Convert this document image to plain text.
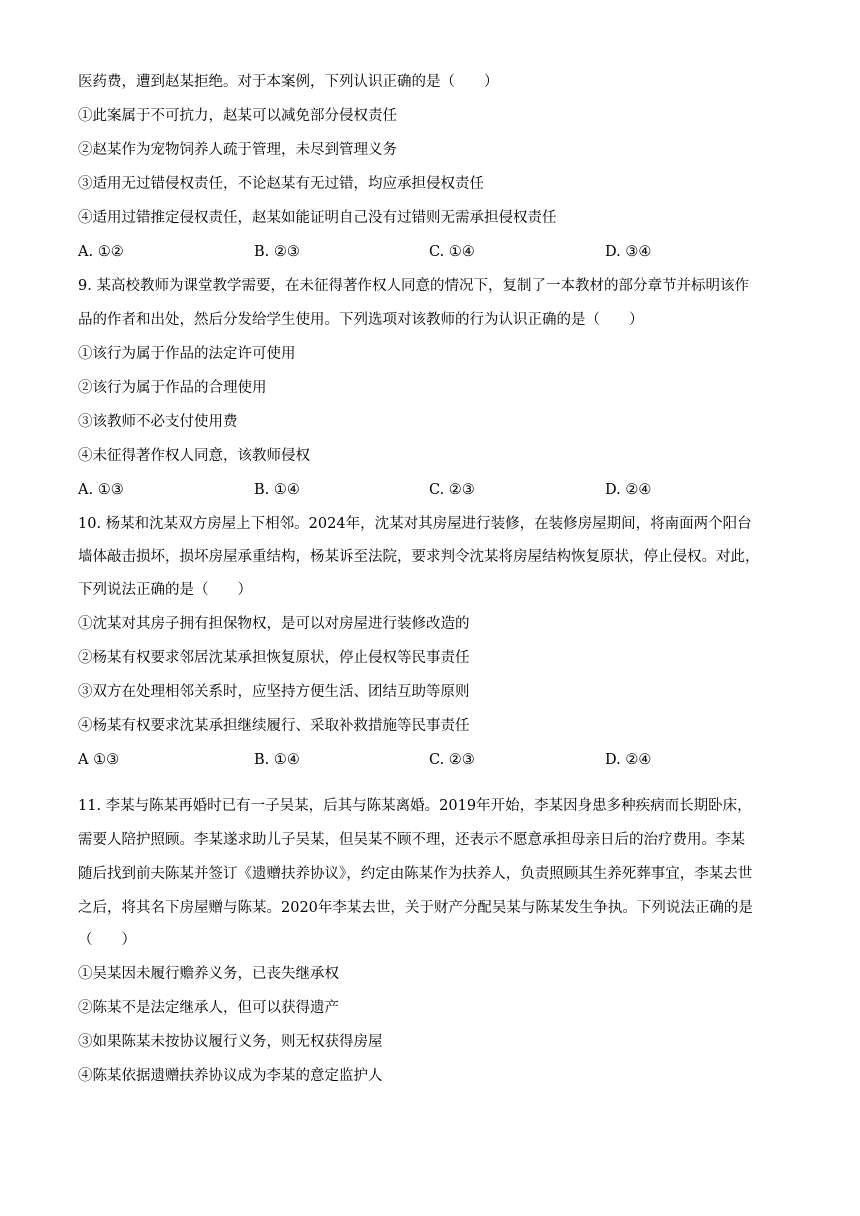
医药费，遭到赵某拒绝。对于本案例，下列认识正确的是（　　）
①此案属于不可抗力，赵某可以减免部分侵权责任
②赵某作为宠物饲养人疏于管理，未尽到管理义务
③适用无过错侵权责任，不论赵某有无过错，均应承担侵权责任
④适用过错推定侵权责任，赵某如能证明自己没有过错则无需承担侵权责任
A. ①②	B. ②③	C. ①④	D. ③④
9. 某高校教师为课堂教学需要，在未征得著作权人同意的情况下，复制了一本教材的部分章节并标明该作
品的作者和出处，然后分发给学生使用。下列选项对该教师的行为认识正确的是（　　）
①该行为属于作品的法定许可使用
②该行为属于作品的合理使用
③该教师不必支付使用费
④未征得著作权人同意，该教师侵权
A. ①③	B. ①④	C. ②③	D. ②④
10. 杨某和沈某双方房屋上下相邻。2024年，沈某对其房屋进行装修，在装修房屋期间，将南面两个阳台
墙体敲击损坏，损坏房屋承重结构，杨某诉至法院，要求判令沈某将房屋结构恢复原状，停止侵权。对此，
下列说法正确的是（　　）
①沈某对其房子拥有担保物权，是可以对房屋进行装修改造的
②杨某有权要求邻居沈某承担恢复原状，停止侵权等民事责任
③双方在处理相邻关系时，应坚持方便生活、团结互助等原则
④杨某有权要求沈某承担继续履行、采取补救措施等民事责任
A ①③	B. ①④	C. ②③	D. ②④
11. 李某与陈某再婚时已有一子吴某，后其与陈某离婚。2019年开始，李某因身患多种疾病而长期卧床，
需要人陪护照顾。李某遂求助儿子吴某，但吴某不顾不理，还表示不愿意承担母亲日后的治疗费用。李某
随后找到前夫陈某并签订《遗赠扶养协议》，约定由陈某作为扶养人，负责照顾其生养死葬事宜，李某去世
之后，将其名下房屋赠与陈某。2020年李某去世，关于财产分配吴某与陈某发生争执。下列说法正确的是
（　　）
①吴某因未履行赡养义务，已丧失继承权
②陈某不是法定继承人，但可以获得遗产
③如果陈某未按协议履行义务，则无权获得房屋
④陈某依据遗赠扶养协议成为李某的意定监护人
